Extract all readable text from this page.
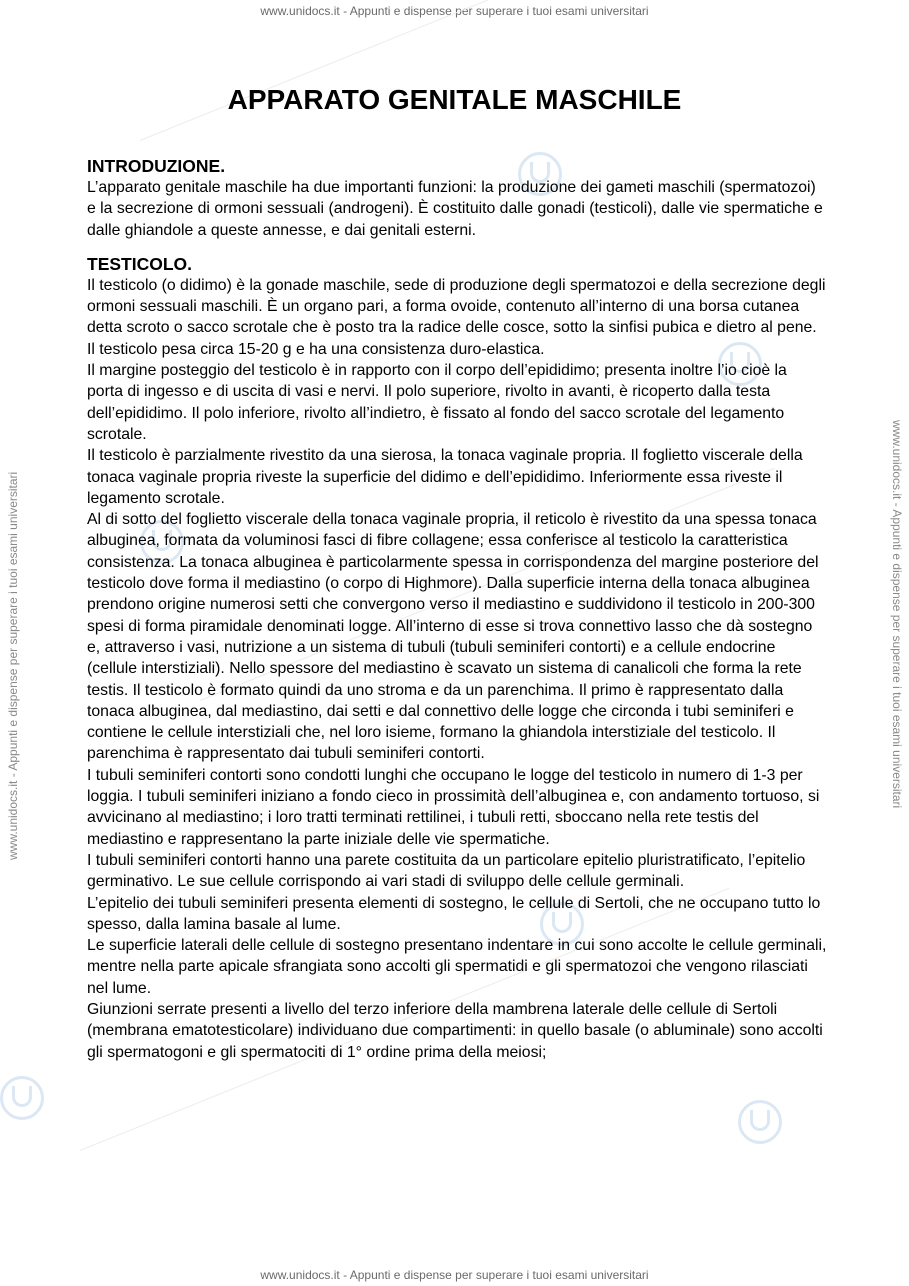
www.unidocs.it - Appunti e dispense per superare i tuoi esami universitari
www.unidocs.it - Appunti e dispense per superare i tuoi esami universitari
www.unidocs.it - Appunti e dispense per superare i tuoi esami universitari	www.unidocs.it - Appunti e dispense per superare i tuoi esami universitari
APPARATO GENITALE MASCHILE
INTRODUZIONE.

L’apparato genitale maschile ha due importanti funzioni: la produzione dei gameti maschili (spermatozoi) e la secrezione di ormoni sessuali (androgeni). È costituito dalle gonadi (testicoli), dalle vie spermatiche e dalle ghiandole a queste annesse, e dai genitali esterni.

TESTICOLO.

Il testicolo (o didimo) è la gonade maschile, sede di produzione degli spermatozoi e della secrezione degli ormoni sessuali maschili. È un organo pari, a forma ovoide, contenuto all’interno di una borsa cutanea detta scroto o sacco scrotale che è posto tra la radice delle cosce, sotto la sinfisi pubica e dietro al pene. Il testicolo pesa circa 15-20 g e ha una consistenza duro-elastica.

Il margine posteggio del testicolo è in rapporto con il corpo dell’epididimo; presenta inoltre l’io cioè la porta di ingesso e di uscita di vasi e nervi. Il polo superiore, rivolto in avanti, è ricoperto dalla testa dell’epididimo. Il polo inferiore, rivolto all’indietro, è fissato al fondo del sacco scrotale del legamento scrotale.

Il testicolo è parzialmente rivestito da una sierosa, la tonaca vaginale propria. Il foglietto viscerale della tonaca vaginale propria riveste la superficie del didimo e dell’epididimo. Inferiormente essa riveste il legamento scrotale.

Al di sotto del foglietto viscerale della tonaca vaginale propria, il reticolo è rivestito da una spessa tonaca albuginea, formata da voluminosi fasci di fibre collagene; essa conferisce al testicolo la caratteristica consistenza. La tonaca albuginea è particolarmente spessa in corrispondenza del margine posteriore del testicolo dove forma il mediastino (o corpo di Highmore). Dalla superficie interna della tonaca albuginea prendono origine numerosi setti che convergono verso il mediastino e suddividono il testicolo in 200-300 spesi di forma piramidale denominati logge. All’interno di esse si trova connettivo lasso che dà sostegno e, attraverso i vasi, nutrizione a un sistema di tubuli (tubuli seminiferi contorti) e a cellule endocrine (cellule interstiziali). Nello spessore del mediastino è scavato un sistema di canalicoli che forma la rete testis. Il testicolo è formato quindi da uno stroma e da un parenchima. Il primo è rappresentato dalla tonaca albuginea, dal mediastino, dai setti e dal connettivo delle logge che circonda i tubi seminiferi e contiene le cellule interstiziali che, nel loro isieme, formano la ghiandola interstiziale del testicolo. Il parenchima è rappresentato dai tubuli seminiferi contorti.

I tubuli seminiferi contorti sono condotti lunghi che occupano le logge del testicolo in numero di 1-3 per loggia. I tubuli seminiferi iniziano a fondo cieco in prossimità dell’albuginea e, con andamento tortuoso, si avvicinano al mediastino; i loro tratti terminati rettilinei, i tubuli retti, sboccano nella rete testis del mediastino e rappresentano la parte iniziale delle vie spermatiche.

I tubuli seminiferi contorti hanno una parete costituita da un particolare epitelio pluristratificato, l’epitelio germinativo. Le sue cellule corrispondo ai vari stadi di sviluppo delle cellule germinali.

L’epitelio dei tubuli seminiferi presenta elementi di sostegno, le cellule di Sertoli, che ne occupano tutto lo spesso, dalla lamina basale al lume.

Le superficie laterali delle cellule di sostegno presentano indentare in cui sono accolte le cellule germinali, mentre nella parte apicale sfrangiata sono accolti gli spermatidi e gli spermatozoi che vengono rilasciati nel lume.

Giunzioni serrate presenti a livello del terzo inferiore della mambrena laterale delle cellule di Sertoli (membrana ematotesticolare) individuano due compartimenti: in quello basale (o abluminale) sono accolti gli spermatogoni e gli spermatociti di 1° ordine prima della meiosi;
